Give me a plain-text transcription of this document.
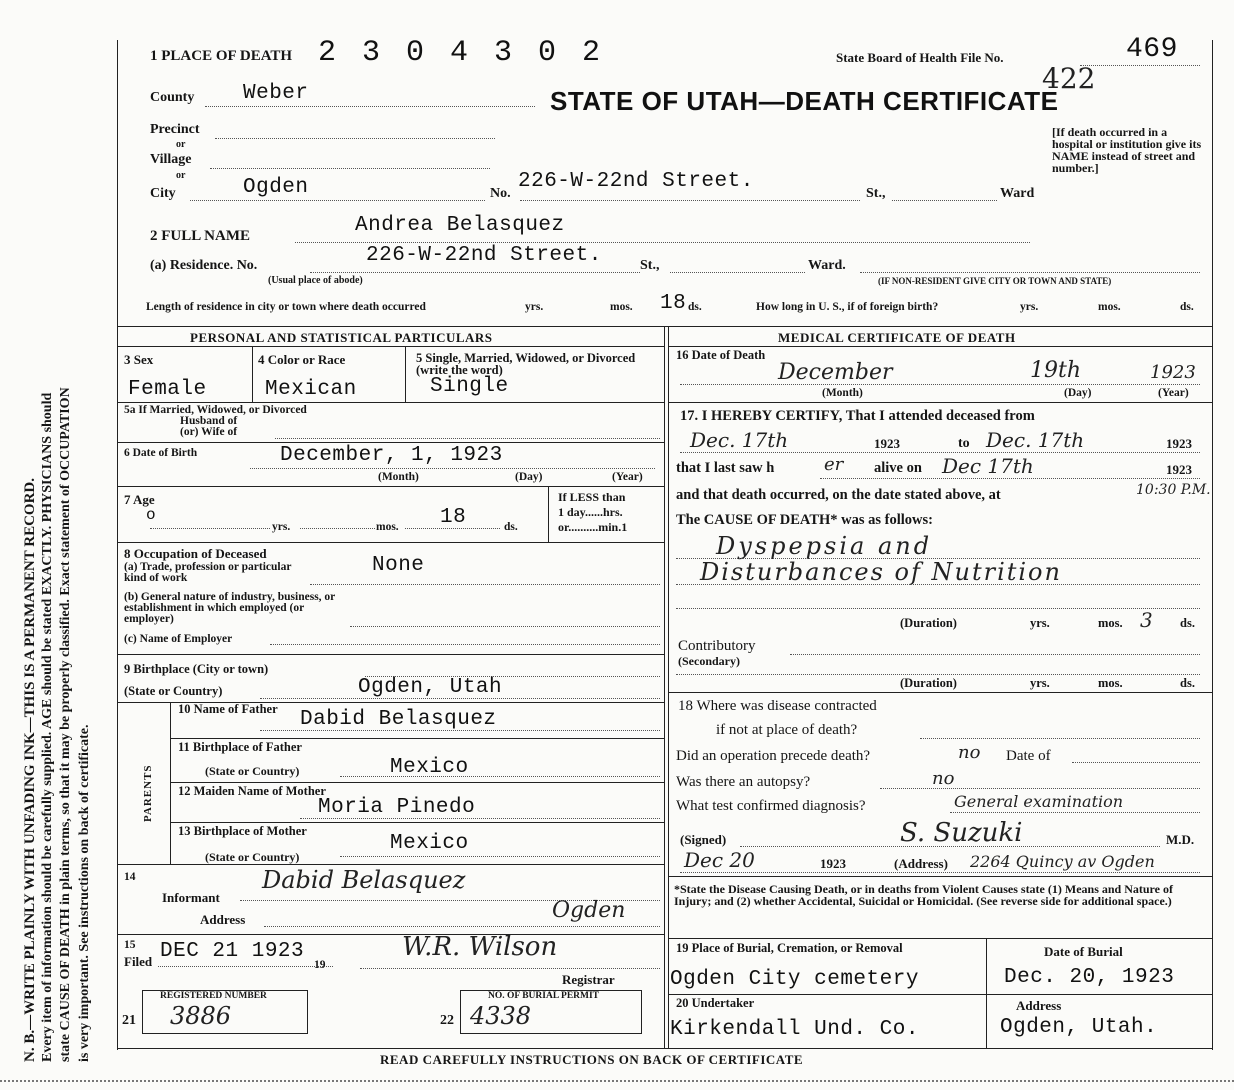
N. B.—WRITE PLAINLY WITH UNFADING INK—THIS IS A PERMANENT RECORD. Every item of information should be carefully supplied. AGE should be stated EXACTLY. PHYSICIANS should state CAUSE OF DEATH in plain terms, so that it may be properly classified. Exact statement of OCCUPATION is very important. See instructions on back of certificate.
1 PLACE OF DEATH 2 3 0 4 3 0 2	State Board of Health File No.	469
422
STATE OF UTAH—DEATH CERTIFICATE
[If death occurred in a hospital or institution give its NAME instead of street and number.]
County Weber
Precinct
or
Village
or
City	Ogden	No.
226-W-22nd Street.
St.,	Ward
2 FULL NAME	Andrea Belasquez
(a) Residence. No.	226-W-22nd Street.	St.,	Ward.
(Usual place of abode)	(IF NON-RESIDENT GIVE CITY OR TOWN AND STATE)
Length of residence in city or town where death occurred	yrs.	mos. 18 ds.	How long in U. S., if of foreign birth?	yrs.	mos.	ds.
PERSONAL AND STATISTICAL PARTICULARS
3 Sex
Female
4 Color or Race
Mexican
5 Single, Married, Widowed, or Divorced (write the word)
Single
5a If Married, Widowed, or Divorced
Husband of
(or) Wife of
6 Date of Birth	December, 1, 1923
(Month)	(Day)	(Year)
7 Age
o
yrs.	mos. 18	ds.
If LESS than
1 day......hrs.
or..........min.1
8 Occupation of Deceased
(a) Trade, profession or particular kind of work
None
(b) General nature of industry, business, or establishment in which employed (or employer)
(c) Name of Employer
9 Birthplace (City or town)
(State or Country)	Ogden, Utah
PARENTS
10 Name of Father	Dabid Belasquez
11 Birthplace of Father
(State or Country)	Mexico
12 Maiden Name of Mother
Moria Pinedo
13 Birthplace of Mother
(State or Country)
Mexico
14
Informant
Dabid Belasquez
Address	Ogden
15
Filed DEC 21 1923
19
W.R. Wilson
Registrar
REGISTERED NUMBER
21 3886
NO. OF BURIAL PERMIT
22 4338
MEDICAL CERTIFICATE OF DEATH
16 Date of Death
December	19th	1923
(Month)	(Day)	(Year)
17. I HEREBY CERTIFY, That I attended deceased from
Dec. 17th	1923	to Dec. 17th	1923
that I last saw h	er alive on Dec 17th	1923
and that death occurred, on the date stated above, at	10:30 P.M.
The CAUSE OF DEATH* was as follows:
Dyspepsia and
Disturbances of Nutrition
(Duration)	yrs.	mos. 3 ds.
Contributory
(Secondary)
(Duration)	yrs.	mos.	ds.
18 Where was disease contracted
if not at place of death?
Did an operation precede death?	no Date of
Was there an autopsy?	no
What test confirmed diagnosis?	General examination
(Signed)	S. Suzuki	M.D.
Dec 20	1923	(Address) 2264 Quincy av Ogden
*State the Disease Causing Death, or in deaths from Violent Causes state (1) Means and Nature of Injury; and (2) whether Accidental, Suicidal or Homicidal. (See reverse side for additional space.)
19 Place of Burial, Cremation, or Removal
Ogden City cemetery
Date of Burial
Dec. 20, 1923
20 Undertaker
Kirkendall Und. Co.
Address
Ogden, Utah.
READ CAREFULLY INSTRUCTIONS ON BACK OF CERTIFICATE
